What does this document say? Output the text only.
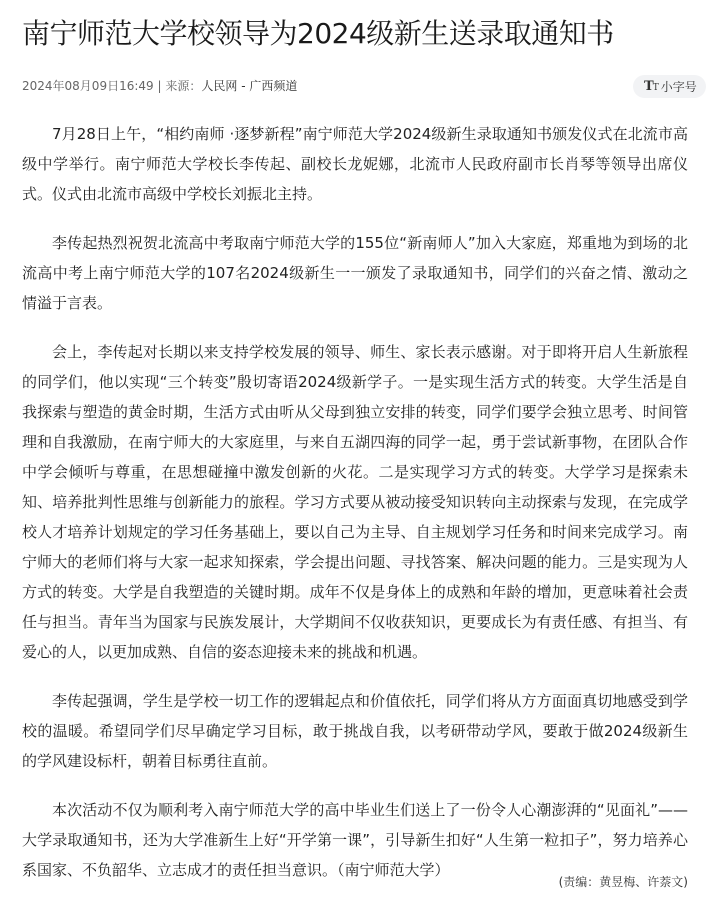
南宁师范大学校领导为2024级新生送录取通知书
2024年08月09日16:49 | 来源：人民网 - 广西频道	TT 小字号

7月28日上午，“相约南师 ·逐梦新程”南宁师范大学2024级新生录取通知书颁发仪式在北流市高级中学举行。南宁师范大学校长李传起、副校长龙妮娜，北流市人民政府副市长肖琴等领导出席仪式。仪式由北流市高级中学校长刘振北主持。

李传起热烈祝贺北流高中考取南宁师范大学的155位“新南师人”加入大家庭，郑重地为到场的北流高中考上南宁师范大学的107名2024级新生一一颁发了录取通知书，同学们的兴奋之情、激动之情溢于言表。

会上，李传起对长期以来支持学校发展的领导、师生、家长表示感谢。对于即将开启人生新旅程的同学们，他以实现“三个转变”殷切寄语2024级新学子。一是实现生活方式的转变。大学生活是自我探索与塑造的黄金时期，生活方式由听从父母到独立安排的转变，同学们要学会独立思考、时间管理和自我激励，在南宁师大的大家庭里，与来自五湖四海的同学一起，勇于尝试新事物，在团队合作中学会倾听与尊重，在思想碰撞中激发创新的火花。二是实现学习方式的转变。大学学习是探索未知、培养批判性思维与创新能力的旅程。学习方式要从被动接受知识转向主动探索与发现，在完成学校人才培养计划规定的学习任务基础上，要以自己为主导、自主规划学习任务和时间来完成学习。南宁师大的老师们将与大家一起求知探索，学会提出问题、寻找答案、解决问题的能力。三是实现为人方式的转变。大学是自我塑造的关键时期。成年不仅是身体上的成熟和年龄的增加，更意味着社会责任与担当。青年当为国家与民族发展计，大学期间不仅收获知识，更要成长为有责任感、有担当、有爱心的人，以更加成熟、自信的姿态迎接未来的挑战和机遇。

李传起强调，学生是学校一切工作的逻辑起点和价值依托，同学们将从方方面面真切地感受到学校的温暖。希望同学们尽早确定学习目标，敢于挑战自我，以考研带动学风，要敢于做2024级新生的学风建设标杆，朝着目标勇往直前。

本次活动不仅为顺利考入南宁师范大学的高中毕业生们送上了一份令人心潮澎湃的“见面礼”——大学录取通知书，还为大学准新生上好“开学第一课”，引导新生扣好“人生第一粒扣子”，努力培养心系国家、不负韶华、立志成才的责任担当意识。（南宁师范大学）

(责编：黄昱梅、许萘文)
